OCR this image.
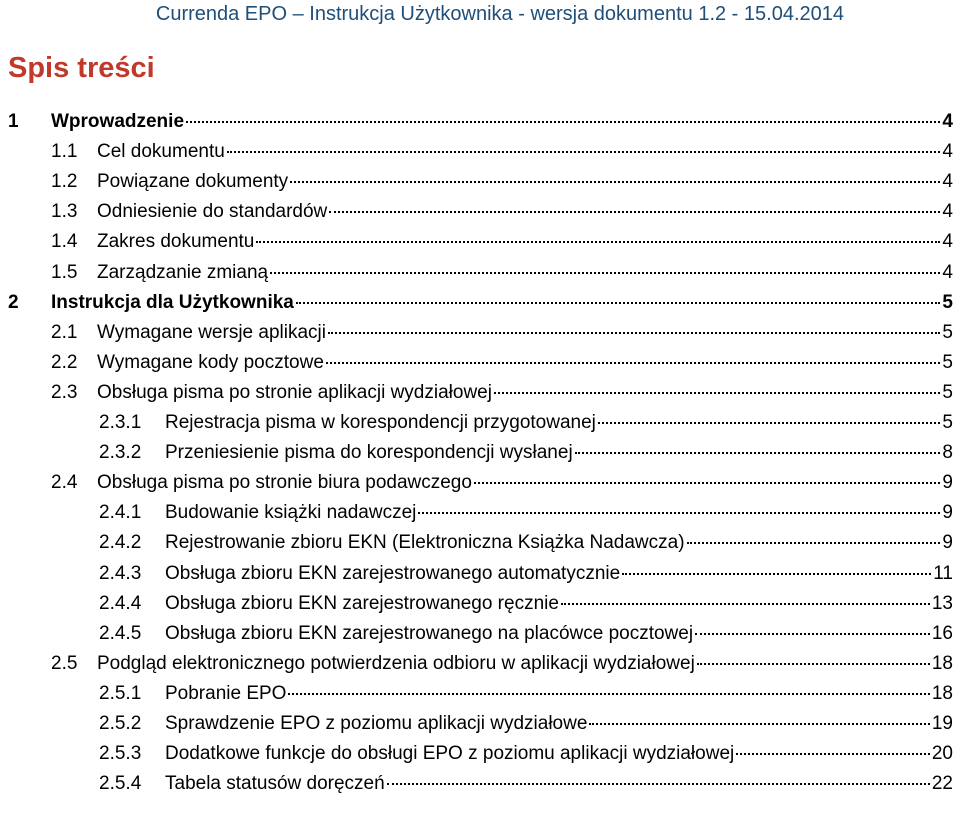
Currenda EPO – Instrukcja Użytkownika - wersja dokumentu 1.2 - 15.04.2014
Spis treści
1	Wprowadzenie	4
1.1	Cel dokumentu	4
1.2	Powiązane dokumenty	4
1.3	Odniesienie do standardów	4
1.4	Zakres dokumentu	4
1.5	Zarządzanie zmianą	4
2	Instrukcja dla Użytkownika	5
2.1	Wymagane wersje aplikacji	5
2.2	Wymagane kody pocztowe	5
2.3	Obsługa pisma po stronie aplikacji wydziałowej	5
2.3.1	Rejestracja pisma w korespondencji przygotowanej	5
2.3.2	Przeniesienie pisma do korespondencji wysłanej	8
2.4	Obsługa pisma po stronie biura podawczego	9
2.4.1	Budowanie książki nadawczej	9
2.4.2	Rejestrowanie zbioru EKN (Elektroniczna Książka Nadawcza)	9
2.4.3	Obsługa zbioru EKN zarejestrowanego automatycznie	11
2.4.4	Obsługa zbioru EKN zarejestrowanego ręcznie	13
2.4.5	Obsługa zbioru EKN zarejestrowanego na placówce pocztowej	16
2.5	Podgląd elektronicznego potwierdzenia odbioru w aplikacji wydziałowej	18
2.5.1	Pobranie EPO	18
2.5.2	Sprawdzenie EPO z poziomu aplikacji wydziałowe	19
2.5.3	Dodatkowe funkcje do obsługi EPO z poziomu aplikacji wydziałowej	20
2.5.4	Tabela statusów doręczeń	22
